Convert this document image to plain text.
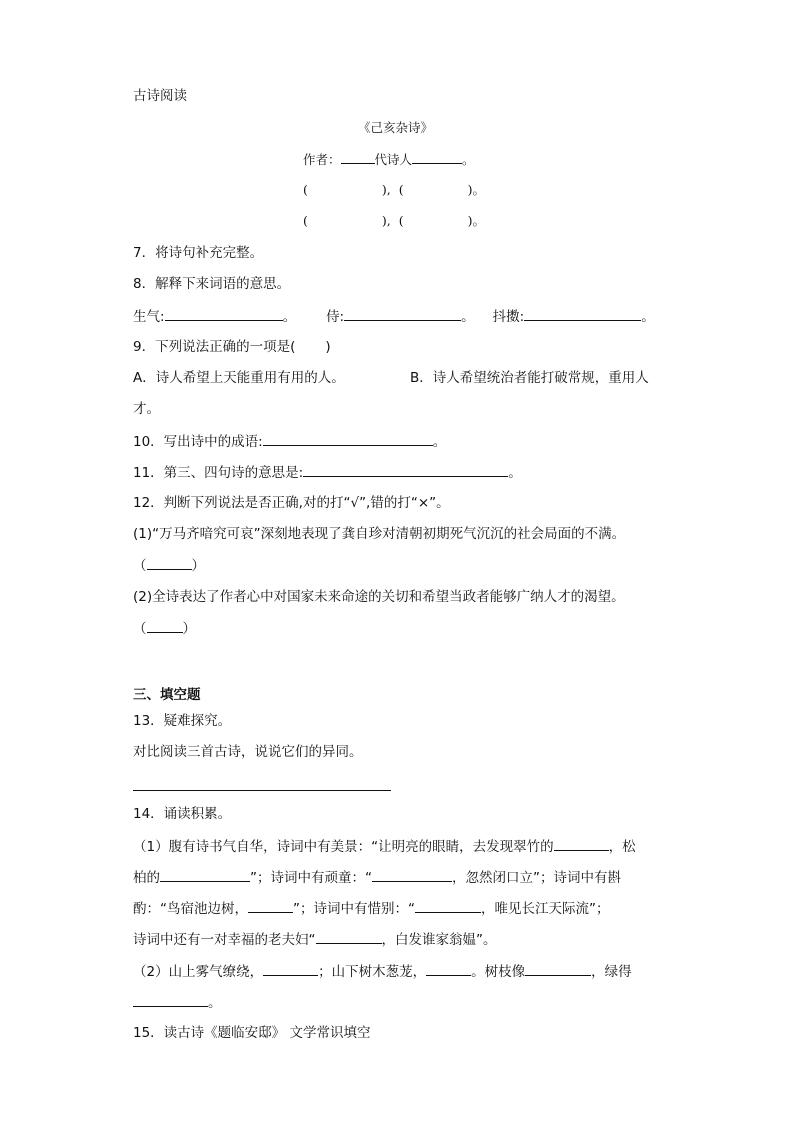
古诗阅读
《己亥杂诗》
作者：	代诗人	。
(	),  (	)。
(	),  (	)。
7．将诗句补充完整。
8．解释下来词语的意思。
生气:	。 侍:	。 抖擞:	。
9．下列说法正确的一项是( )
A．诗人希望上天能重用有用的人。	B．诗人希望统治者能打破常规，重用人
才。
10．写出诗中的成语:	。
11．第三、四句诗的意思是:	。
12．判断下列说法是否正确,对的打“√”,错的打“×”。
(1)“万马齐喑究可哀”深刻地表现了龚自珍对清朝初期死气沉沉的社会局面的不满。
（	）
(2)全诗表达了作者心中对国家未来命途的关切和希望当政者能够广纳人才的渴望。
（	）
三、填空题
13．疑难探究。
对比阅读三首古诗，说说它们的异同。
14．诵读积累。
（1）腹有诗书气自华，诗词中有美景：“让明亮的眼睛，去发现翠竹的	，松
柏的	”；诗词中有顽童：“	，忽然闭口立”；诗词中有斟
酌：“鸟宿池边树，	”；诗词中有惜别：“	，唯见长江天际流”；
诗词中还有一对幸福的老夫妇“	，白发谁家翁媪”。
（2）山上雾气缭绕，	；山下树木葱茏，	。树枝像	，绿得
。
15．读古诗《题临安邸》 文学常识填空
